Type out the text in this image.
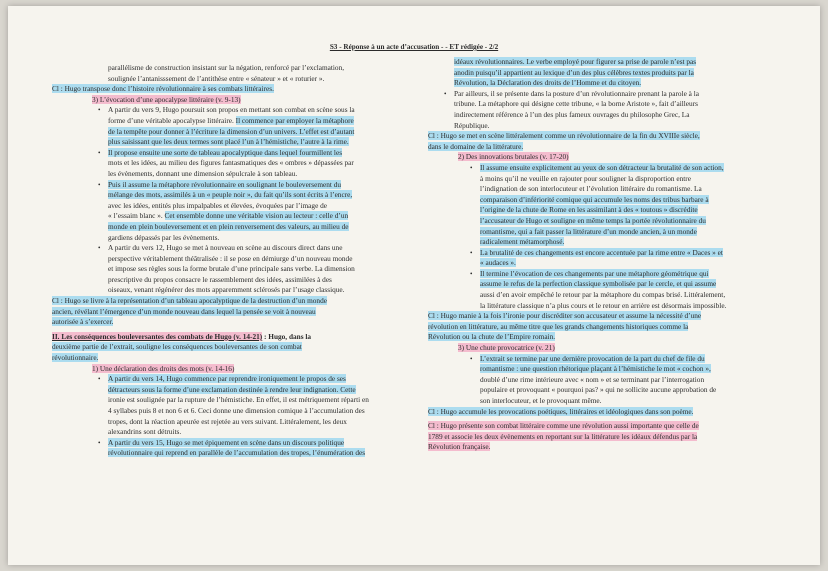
S3 - Réponse à un acte d’accusation - - ET rédigée - 2/2

parallélisme de construction insistant sur la négation, renforcé par l’exclamation,
soulignée l’antanisssement de l’antithèse entre « sénateur » et « roturier ».

Cl : Hugo transpose donc l’histoire révolutionnaire à ses combats littéraires.

3) L’évocation d’une apocalypse littéraire (v. 9-13)

• A partir du vers 9, Hugo poursuit son propos en mettant son combat en scène sous la
forme d’une véritable apocalypse littéraire. Il commence par employer la métaphore
de la tempête pour donner à l’écriture la dimension d’un univers. L’effet est d’autant
plus saisissant que les deux termes sont placé l’un à l’hémistiche, l’autre à la rime.

• Il propose ensuite une sorte de tableau apocalyptique dans lequel fourmillent les
mots et les idées, au milieu des figures fantasmatiques des « ombres » dépassées par
les évènements, donnant une dimension sépulcrale à son tableau.

• Puis il assume la métaphore révolutionnaire en soulignant le bouleversement du
mélange des mots, assimilés à un « peuple noir », du fait qu’ils sont écrits à l’encre,
avec les idées, entités plus impalpables et élevées, évoquées par l’image de
« l’essaim blanc ». Cet ensemble donne une véritable vision au lecteur : celle d’un
monde en plein bouleversement et en plein renversement des valeurs, au milieu de
gardiens dépassés par les évènements.

• A partir du vers 12, Hugo se met à nouveau en scène au discours direct dans une
perspective véritablement théâtralisée : il se pose en démiurge d’un nouveau monde
et impose ses règles sous la forme brutale d’une principale sans verbe. La dimension
prescriptive du propos consacre le rassemblement des idées, assimilées à des
oiseaux, venant régénérer des mots apparemment sclérosés par l’usage classique.

Cl : Hugo se livre à la représentation d’un tableau apocalyptique de la destruction d’un monde
ancien, révélant l’émergence d’un monde nouveau dans lequel la pensée se voit à nouveau
autorisée à s’exercer.

II. Les conséquences bouleversantes des combats de Hugo (v. 14-21) : Hugo, dans la
deuxième partie de l’extrait, souligne les conséquences bouleversantes de son combat
révolutionnaire.

1) Une déclaration des droits des mots (v. 14-16)

• A partir du vers 14, Hugo commence par reprendre ironiquement le propos de ses
détracteurs sous la forme d’une exclamation destinée à rendre leur indignation. Cette
ironie est soulignée par la rupture de l’hémistiche. En effet, il est métriquement réparti en
4 syllabes puis 8 et non 6 et 6. Ceci donne une dimension comique à l’accumulation des
tropes, dont la réaction apeurée est rejetée au vers suivant. Littéralement, les deux
alexandrins sont détruits.

• A partir du vers 15, Hugo se met épiquement en scène dans un discours politique
révolutionnaire qui reprend en parallèle de l’accumulation des tropes, l’énumération des

idéaux révolutionnaires. Le verbe employé pour figurer sa prise de parole n’est pas
anodin puisqu’il appartient au lexique d’un des plus célèbres textes produits par la
Révolution, la Déclaration des droits de l’Homme et du citoyen.

• Par ailleurs, il se présente dans la posture d’un révolutionnaire prenant la parole à la
tribune. La métaphore qui désigne cette tribune, « la borne Aristote », fait d’ailleurs
indirectement référence à l’un des plus fameux ouvrages du philosophe Grec, La
République.

Cl : Hugo se met en scène littéralement comme un révolutionnaire de la fin du XVIIIe siècle,
dans le domaine de la littérature.

2) Des innovations brutales (v. 17-20)

• Il assume ensuite explicitement au yeux de son détracteur la brutalité de son action,
à moins qu’il ne veuille en rajouter pour souligner la disproportion entre
l’indignation de son interlocuteur et l’évolution littéraire du romantisme. La
comparaison d’infériorité comique qui accumule les noms des tribus barbare à
l’origine de la chute de Rome en les assimilant à des « toutous » discrédite
l’accusateur de Hugo et souligne en même temps la portée révolutionnaire du
romantisme, qui a fait passer la littérature d’un monde ancien, à un monde
radicalement métamorphosé.

• La brutalité de ces changements est encore accentuée par la rime entre « Daces » et
« audaces ».

• Il termine l’évocation de ces changements par une métaphore géométrique qui
assume le refus de la perfection classique symbolisée par le cercle, et qui assume
aussi d’en avoir empêché le retour par la métaphore du compas brisé. Littéralement,
la littérature classique n’a plus cours et le retour en arrière est désormais impossible.

Cl : Hugo manie à la fois l’ironie pour discréditer son accusateur et assume la nécessité d’une
révolution en littérature, au même titre que les grands changements historiques comme la
Révolution ou la chute de l’Empire romain.

3) Une chute provocatrice (v. 21)

• L’extrait se termine par une dernière provocation de la part du chef de file du
romantisme : une question rhétorique plaçant à l’hémistiche le mot « cochon »,
doublé d’une rime intérieure avec « nom » et se terminant par l’interrogation
populaire et provoquant « pourquoi pas? » qui ne sollicite aucune approbation de
son interlocuteur, et le provoquant même.

Cl : Hugo accumule les provocations poétiques, littéraires et idéologiques dans son poème.

Cl : Hugo présente son combat littéraire comme une révolution aussi importante que celle de
1789 et associe les deux évènements en reportant sur la littérature les idéaux défendus par la
Révolution française.
